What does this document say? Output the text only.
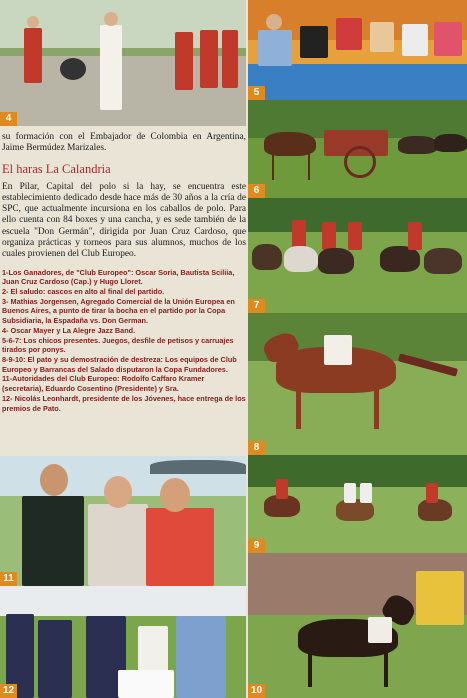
4
5
6
7
8
9
10
11
12

su formación con el Embajador de Colombia en Argentina, Jaime Bermúdez Marizales.

El haras La Calandria

En Pilar, Capital del polo si la hay, se encuentra este establecimiento dedicado desde hace más de 30 años a la cría de SPC, que actualmente incursiona en los caballos de polo. Para ello cuenta con 84 boxes y una cancha, y es sede también de la escuela "Don Germán", dirigida por Juan Cruz Cardoso, que organiza prácticas y torneos para sus alumnos, muchos de los cuales provienen del Club Europeo.

1-Los Ganadores, de "Club Europeo": Oscar Soria, Bautista Sciliia, Juan Cruz Cardoso (Cap.) y Hugo Lloret.

2- El saludo: cascos en alto al final del partido.

3- Mathias Jorgensen, Agregado Comercial de la Unión Europea en Buenos Aires, a punto de tirar la bocha en el partido por la Copa Subsidiaria, la Espadaña vs. Don German.

4- Oscar Mayer y La Alegre Jazz Band.

5-6-7: Los chicos presentes. Juegos, desfile de petisos y carruajes tirados por ponys.

8-9-10: El pato y su demostración de destreza: Los equipos de Club Europeo y Barrancas del Salado disputaron la Copa Fundadores.

11-Autoridades del Club Europeo: Rodolfo Caffaro Kramer (secretaria), Eduardo Cosentino (Presidente) y Sra.

12- Nicolás Leonhardt, presidente de los Jóvenes, hace entrega de los premios de Pato.
